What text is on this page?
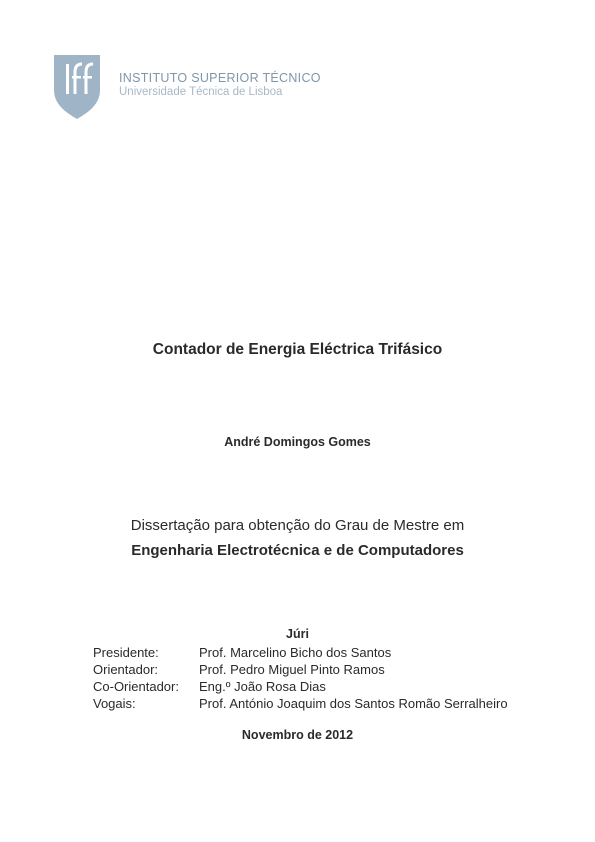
INSTITUTO SUPERIOR TÉCNICO
Universidade Técnica de Lisboa
Contador de Energia Eléctrica Trifásico
André Domingos Gomes
Dissertação para obtenção do Grau de Mestre em
Engenharia Electrotécnica e de Computadores
Júri
Presidente:	Prof. Marcelino Bicho dos Santos
Orientador:	Prof. Pedro Miguel Pinto Ramos
Co-Orientador: Eng.º João Rosa Dias
Vogais:	Prof. António Joaquim dos Santos Romão Serralheiro
Novembro de 2012
